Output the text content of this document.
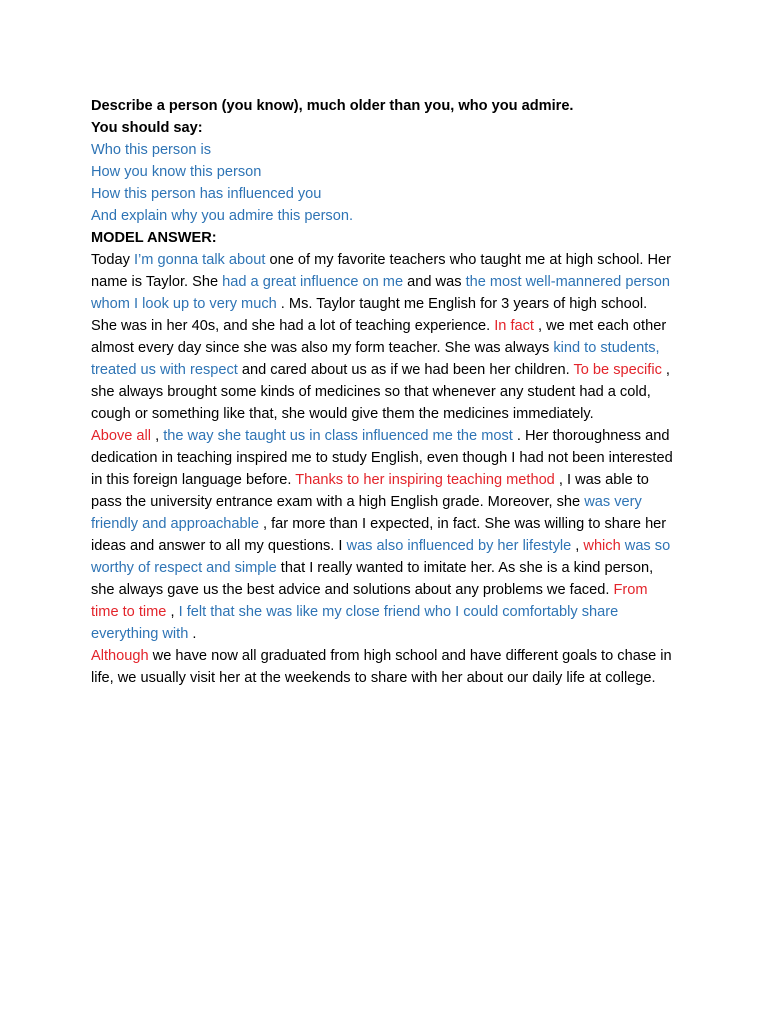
Describe a person (you know), much older than you, who you admire.

You should say:

Who this person is

How you know this person

How this person has influenced you

And explain why you admire this person.

MODEL ANSWER:

Today I’m gonna talk about one of my favorite teachers who taught me at high school. Her name is Taylor. She had a great influence on me and was the most well-mannered person whom I look up to very much . Ms. Taylor taught me English for 3 years of high school. She was in her 40s, and she had a lot of teaching experience. In fact , we met each other almost every day since she was also my form teacher. She was always kind to students, treated us with respect and cared about us as if we had been her children. To be specific , she always brought some kinds of medicines so that whenever any student had a cold, cough or something like that, she would give them the medicines immediately.

Above all , the way she taught us in class influenced me the most . Her thoroughness and dedication in teaching inspired me to study English, even though I had not been interested in this foreign language before. Thanks to her inspiring teaching method , I was able to pass the university entrance exam with a high English grade. Moreover, she was very friendly and approachable , far more than I expected, in fact. She was willing to share her ideas and answer to all my questions. I was also influenced by her lifestyle , which was so worthy of respect and simple that I really wanted to imitate her. As she is a kind person, she always gave us the best advice and solutions about any problems we faced. From time to time , I felt that she was like my close friend who I could comfortably share everything with .

Although we have now all graduated from high school and have different goals to chase in life, we usually visit her at the weekends to share with her about our daily life at college.
